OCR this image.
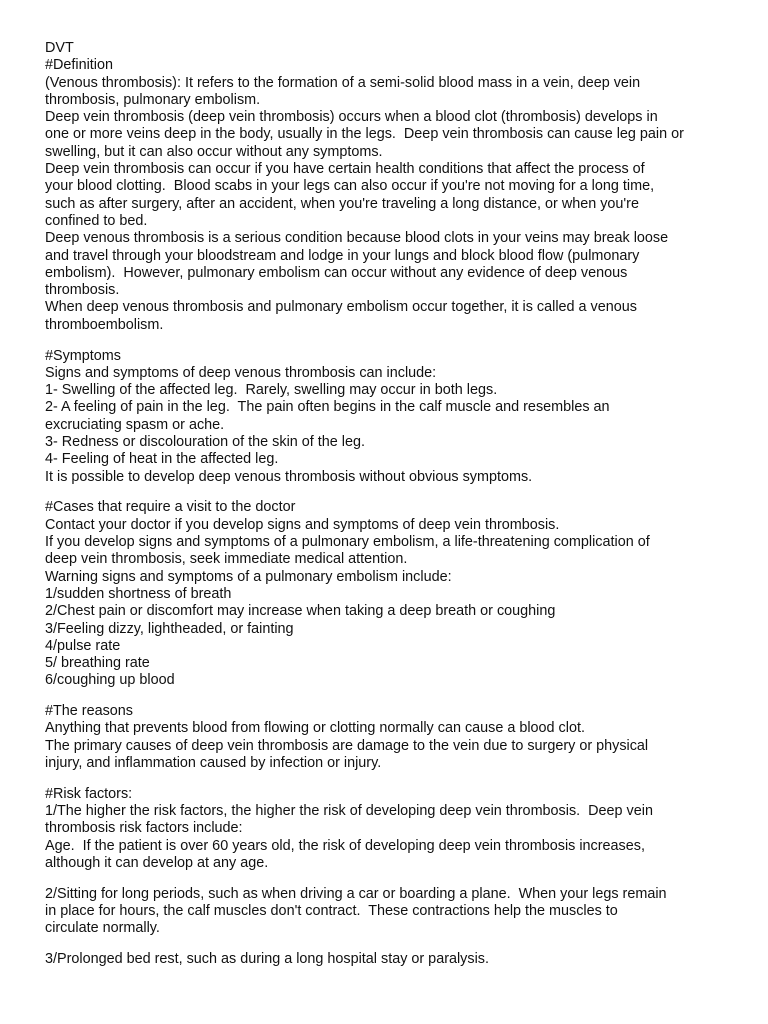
DVT
#Definition
(Venous thrombosis): It refers to the formation of a semi-solid blood mass in a vein, deep vein
thrombosis, pulmonary embolism.
Deep vein thrombosis (deep vein thrombosis) occurs when a blood clot (thrombosis) develops in
one or more veins deep in the body, usually in the legs.  Deep vein thrombosis can cause leg pain or
swelling, but it can also occur without any symptoms.
Deep vein thrombosis can occur if you have certain health conditions that affect the process of
your blood clotting.  Blood scabs in your legs can also occur if you're not moving for a long time,
such as after surgery, after an accident, when you're traveling a long distance, or when you're
confined to bed.
Deep venous thrombosis is a serious condition because blood clots in your veins may break loose
and travel through your bloodstream and lodge in your lungs and block blood flow (pulmonary
embolism).  However, pulmonary embolism can occur without any evidence of deep venous
thrombosis.
When deep venous thrombosis and pulmonary embolism occur together, it is called a venous
thromboembolism.
#Symptoms
Signs and symptoms of deep venous thrombosis can include:
1- Swelling of the affected leg.  Rarely, swelling may occur in both legs.
2- A feeling of pain in the leg.  The pain often begins in the calf muscle and resembles an
excruciating spasm or ache.
3- Redness or discolouration of the skin of the leg.
4- Feeling of heat in the affected leg.
It is possible to develop deep venous thrombosis without obvious symptoms.
#Cases that require a visit to the doctor
Contact your doctor if you develop signs and symptoms of deep vein thrombosis.
If you develop signs and symptoms of a pulmonary embolism, a life-threatening complication of
deep vein thrombosis, seek immediate medical attention.
Warning signs and symptoms of a pulmonary embolism include:
1/sudden shortness of breath
2/Chest pain or discomfort may increase when taking a deep breath or coughing
3/Feeling dizzy, lightheaded, or fainting
4/pulse rate
5/ breathing rate
6/coughing up blood
#The reasons
Anything that prevents blood from flowing or clotting normally can cause a blood clot.
The primary causes of deep vein thrombosis are damage to the vein due to surgery or physical
injury, and inflammation caused by infection or injury.
#Risk factors:
1/The higher the risk factors, the higher the risk of developing deep vein thrombosis.  Deep vein
thrombosis risk factors include:
Age.  If the patient is over 60 years old, the risk of developing deep vein thrombosis increases,
although it can develop at any age.
2/Sitting for long periods, such as when driving a car or boarding a plane.  When your legs remain
in place for hours, the calf muscles don't contract.  These contractions help the muscles to
circulate normally.
3/Prolonged bed rest, such as during a long hospital stay or paralysis.
